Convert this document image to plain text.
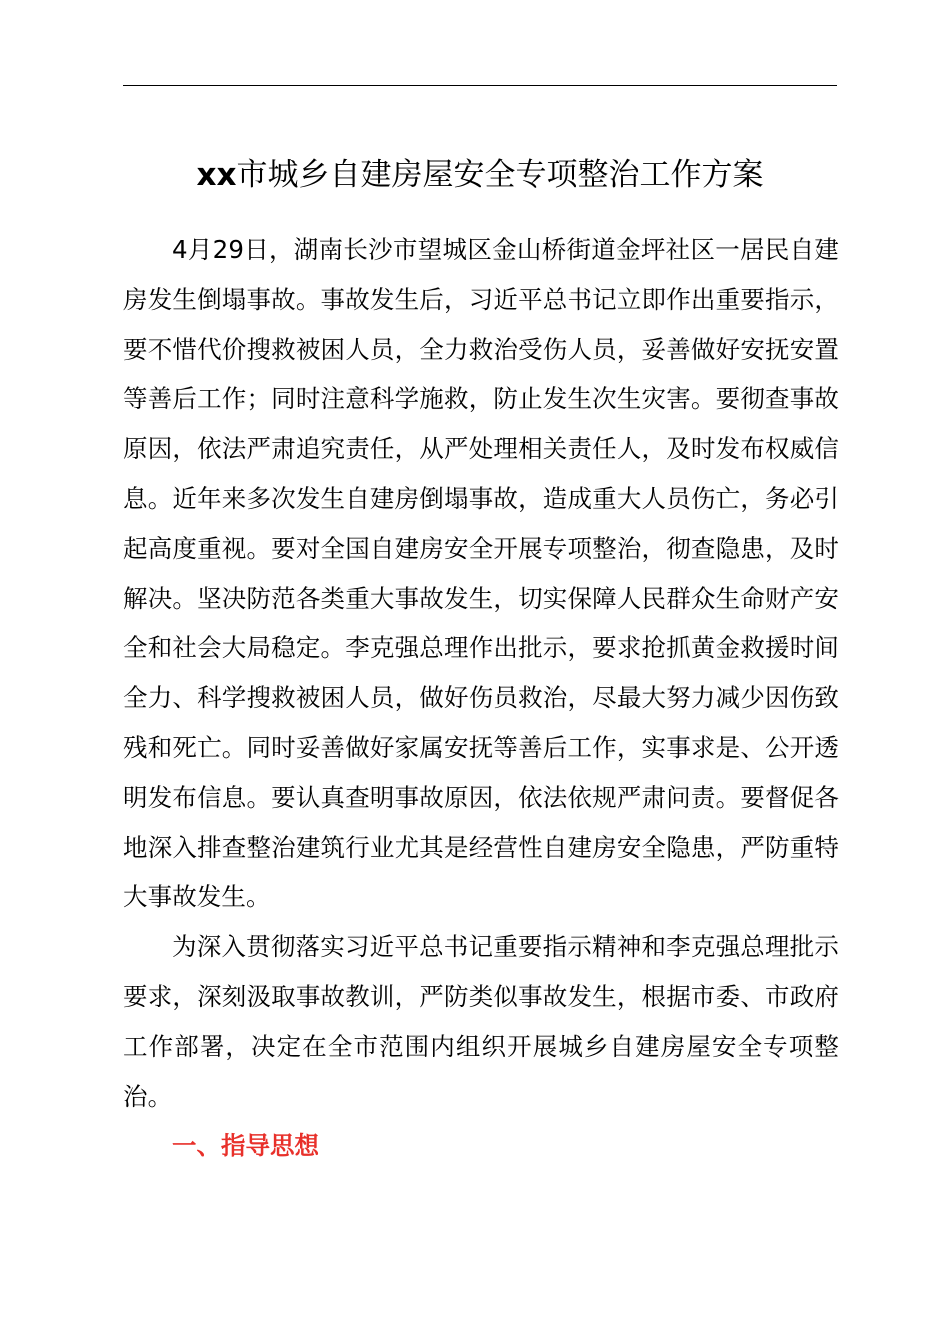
xx市城乡自建房屋安全专项整治工作方案

4月29日，湖南长沙市望城区金山桥街道金坪社区一居民自建房发生倒塌事故。事故发生后，习近平总书记立即作出重要指示，要不惜代价搜救被困人员，全力救治受伤人员，妥善做好安抚安置等善后工作；同时注意科学施救，防止发生次生灾害。要彻查事故原因，依法严肃追究责任，从严处理相关责任人，及时发布权威信息。近年来多次发生自建房倒塌事故，造成重大人员伤亡，务必引起高度重视。要对全国自建房安全开展专项整治，彻查隐患，及时解决。坚决防范各类重大事故发生，切实保障人民群众生命财产安全和社会大局稳定。李克强总理作出批示，要求抢抓黄金救援时间全力、科学搜救被困人员，做好伤员救治，尽最大努力减少因伤致残和死亡。同时妥善做好家属安抚等善后工作，实事求是、公开透明发布信息。要认真查明事故原因，依法依规严肃问责。要督促各地深入排查整治建筑行业尤其是经营性自建房安全隐患，严防重特大事故发生。

为深入贯彻落实习近平总书记重要指示精神和李克强总理批示要求，深刻汲取事故教训，严防类似事故发生，根据市委、市政府工作部署，决定在全市范围内组织开展城乡自建房屋安全专项整治。

一、指导思想
